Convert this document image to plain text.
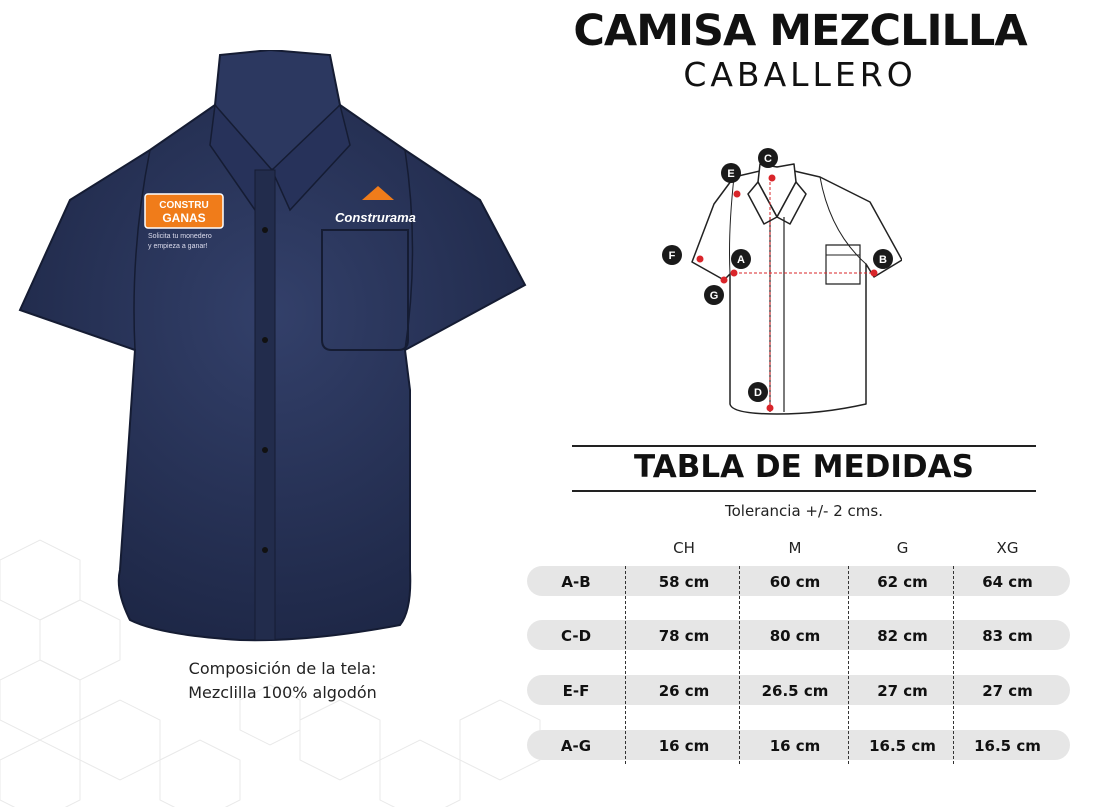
CONSTRU
GANAS
Solicita tu monedero
y empieza a ganar!
Construrama
Composición de la tela:
Mezclilla 100% algodón
CAMISA MEZCLILLA
CABALLERO
C
E
F	A	B
G
D
TABLA DE MEDIDAS
Tolerancia +/- 2 cms.
CH	M	G	XG
A-B	58 cm	60 cm	62 cm	64 cm
C-D	78 cm	80 cm	82 cm	83 cm
E-F	26 cm	26.5 cm	27 cm	27 cm
A-G	16 cm	16 cm	16.5 cm	16.5 cm
